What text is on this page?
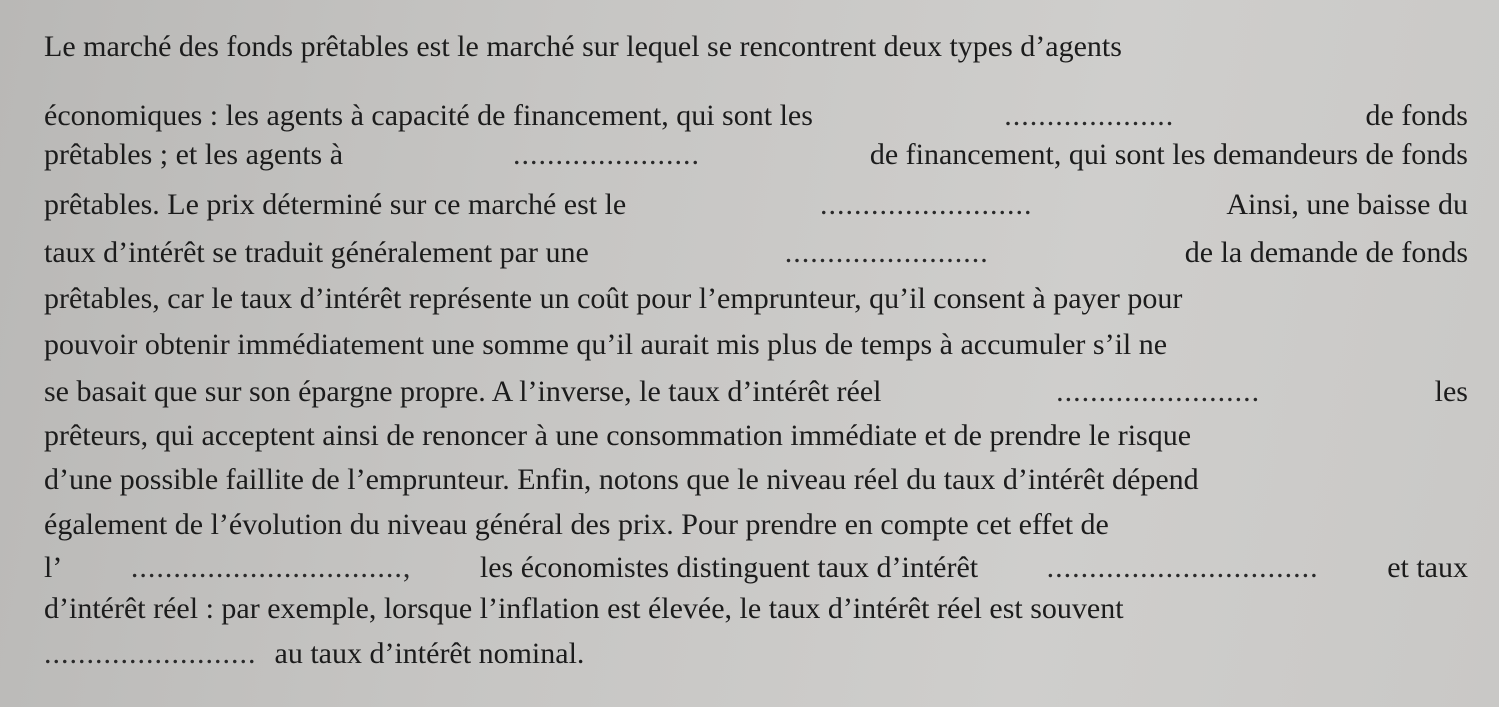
Le marché des fonds prêtables est le marché sur lequel se rencontrent deux types d’agents
économiques : les agents à capacité de financement, qui sont les	....................	de fonds
prêtables ; et les agents à	......................	de financement, qui sont les demandeurs de fonds
prêtables. Le prix déterminé sur ce marché est le	.........................	Ainsi, une baisse du
taux d’intérêt se traduit généralement par une	........................	de la demande de fonds
prêtables, car le taux d’intérêt représente un coût pour l’emprunteur, qu’il consent à payer pour
pouvoir obtenir immédiatement une somme qu’il aurait mis plus de temps à accumuler s’il ne
se basait que sur son épargne propre. A l’inverse, le taux d’intérêt réel	........................	les
prêteurs, qui acceptent ainsi de renoncer à une consommation immédiate et de prendre le risque
d’une possible faillite de l’emprunteur. Enfin, notons que le niveau réel du taux d’intérêt dépend
également de l’évolution du niveau général des prix. Pour prendre en compte cet effet de
l’ ................................, les économistes distinguent taux d’intérêt ................................ et taux
d’intérêt réel : par exemple, lorsque l’inflation est élevée, le taux d’intérêt réel est souvent
......................... au taux d’intérêt nominal.
